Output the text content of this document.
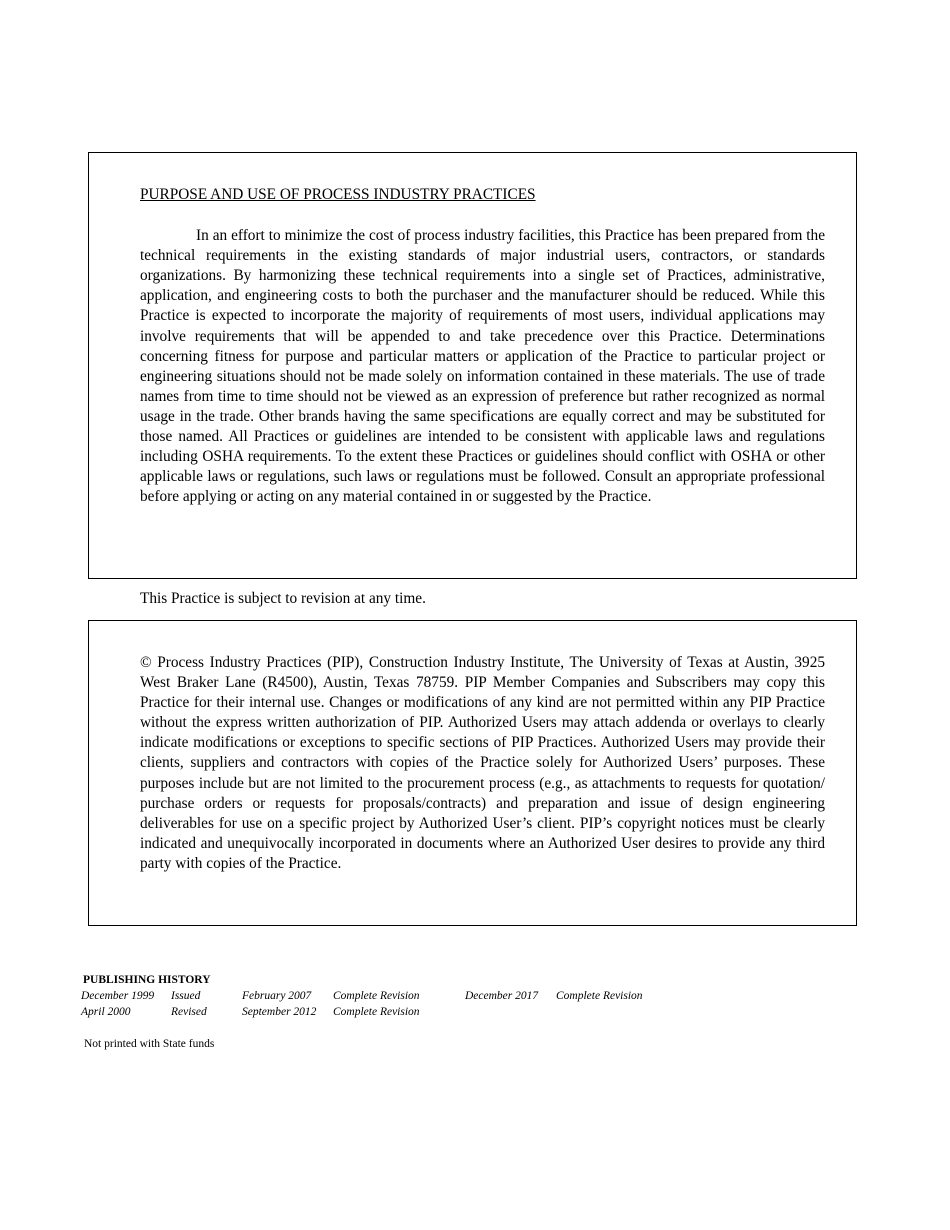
PURPOSE AND USE OF PROCESS INDUSTRY PRACTICES

In an effort to minimize the cost of process industry facilities, this Practice has been prepared from the technical requirements in the existing standards of major industrial users, contractors, or standards organizations. By harmonizing these technical requirements into a single set of Practices, administrative, application, and engineering costs to both the purchaser and the manufacturer should be reduced. While this Practice is expected to incorporate the majority of requirements of most users, individual applications may involve requirements that will be appended to and take precedence over this Practice. Determinations concerning fitness for purpose and particular matters or application of the Practice to particular project or engineering situations should not be made solely on information contained in these materials. The use of trade names from time to time should not be viewed as an expression of preference but rather recognized as normal usage in the trade. Other brands having the same specifications are equally correct and may be substituted for those named. All Practices or guidelines are intended to be consistent with applicable laws and regulations including OSHA requirements. To the extent these Practices or guidelines should conflict with OSHA or other applicable laws or regulations, such laws or regulations must be followed. Consult an appropriate professional before applying or acting on any material contained in or suggested by the Practice.

This Practice is subject to revision at any time.

© Process Industry Practices (PIP), Construction Industry Institute, The University of Texas at Austin, 3925 West Braker Lane (R4500), Austin, Texas 78759. PIP Member Companies and Subscribers may copy this Practice for their internal use. Changes or modifications of any kind are not permitted within any PIP Practice without the express written authorization of PIP. Authorized Users may attach addenda or overlays to clearly indicate modifications or exceptions to specific sections of PIP Practices. Authorized Users may provide their clients, suppliers and contractors with copies of the Practice solely for Authorized Users’ purposes. These purposes include but are not limited to the procurement process (e.g., as attachments to requests for quotation/ purchase orders or requests for proposals/contracts) and preparation and issue of design engineering deliverables for use on a specific project by Authorized User’s client. PIP’s copyright notices must be clearly indicated and unequivocally incorporated in documents where an Authorized User desires to provide any third party with copies of the Practice.

PUBLISHING HISTORY
December 1999 Issued	February 2007 Complete Revision	December 2017 Complete Revision
April 2000	Revised	September 2012 Complete Revision
Not printed with State funds
